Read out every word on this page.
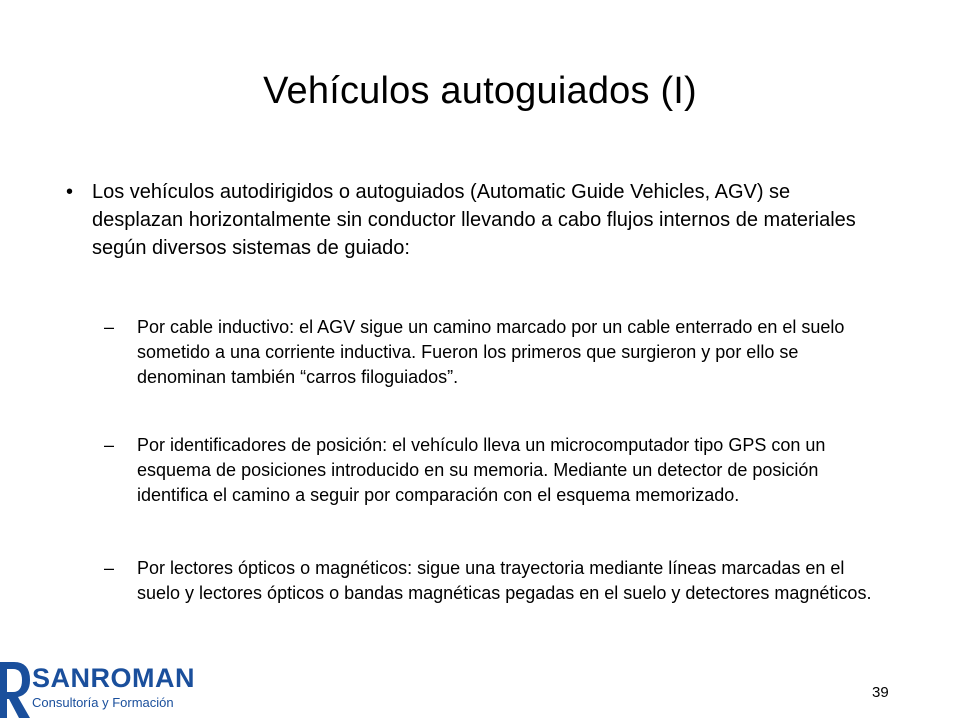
Vehículos autoguiados (I)
• Los vehículos autodirigidos o autoguiados (Automatic Guide Vehicles, AGV) se desplazan horizontalmente sin conductor llevando a cabo flujos internos de materiales según diversos sistemas de guiado:
– Por cable inductivo: el AGV sigue un camino marcado por un cable enterrado en el suelo sometido a una corriente inductiva. Fueron los primeros que surgieron y por ello se denominan también “carros filoguiados”.
– Por identificadores de posición: el vehículo lleva un microcomputador tipo GPS con un esquema de posiciones introducido en su memoria. Mediante un detector de posición identifica el camino a seguir por comparación con el esquema memorizado.
– Por lectores ópticos o magnéticos: sigue una trayectoria mediante líneas marcadas en el suelo y lectores ópticos o bandas magnéticas pegadas en el suelo y detectores magnéticos.
SANROMAN
Consultoría y Formación
39
